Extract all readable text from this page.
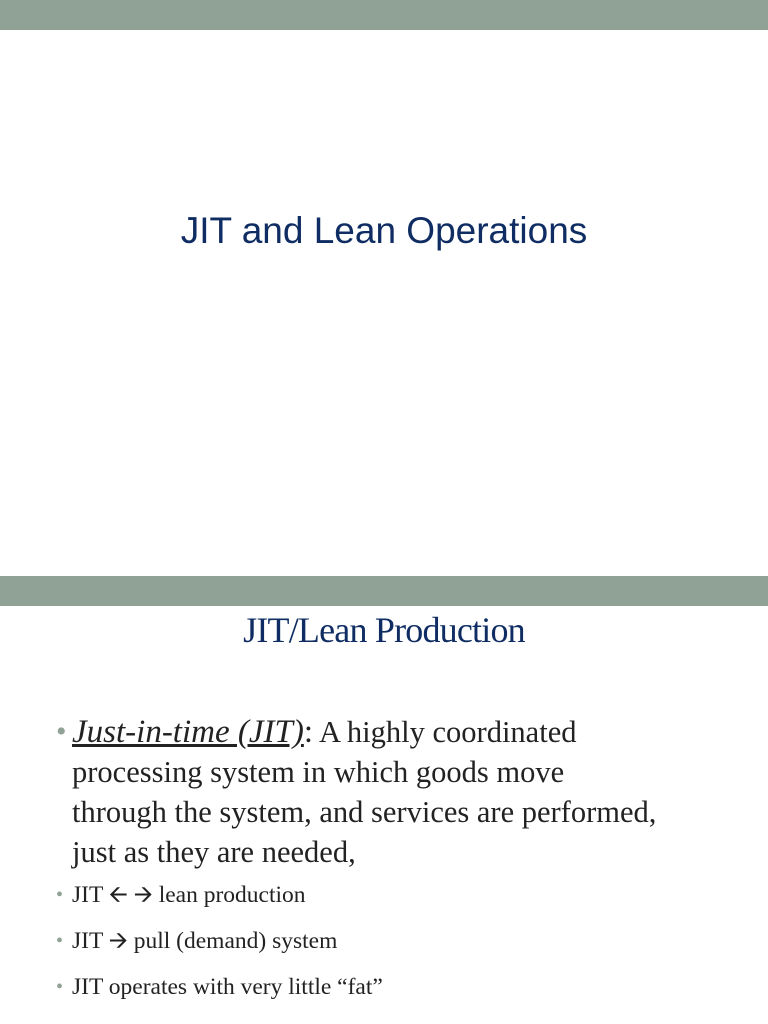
JIT and Lean Operations
JIT/Lean Production
• Just-in-time (JIT): A highly coordinated processing system in which goods move through the system, and services are performed, just as they are needed,
• JIT 🡨 🡪 lean production
• JIT 🡪 pull (demand) system
• JIT operates with very little “fat”
